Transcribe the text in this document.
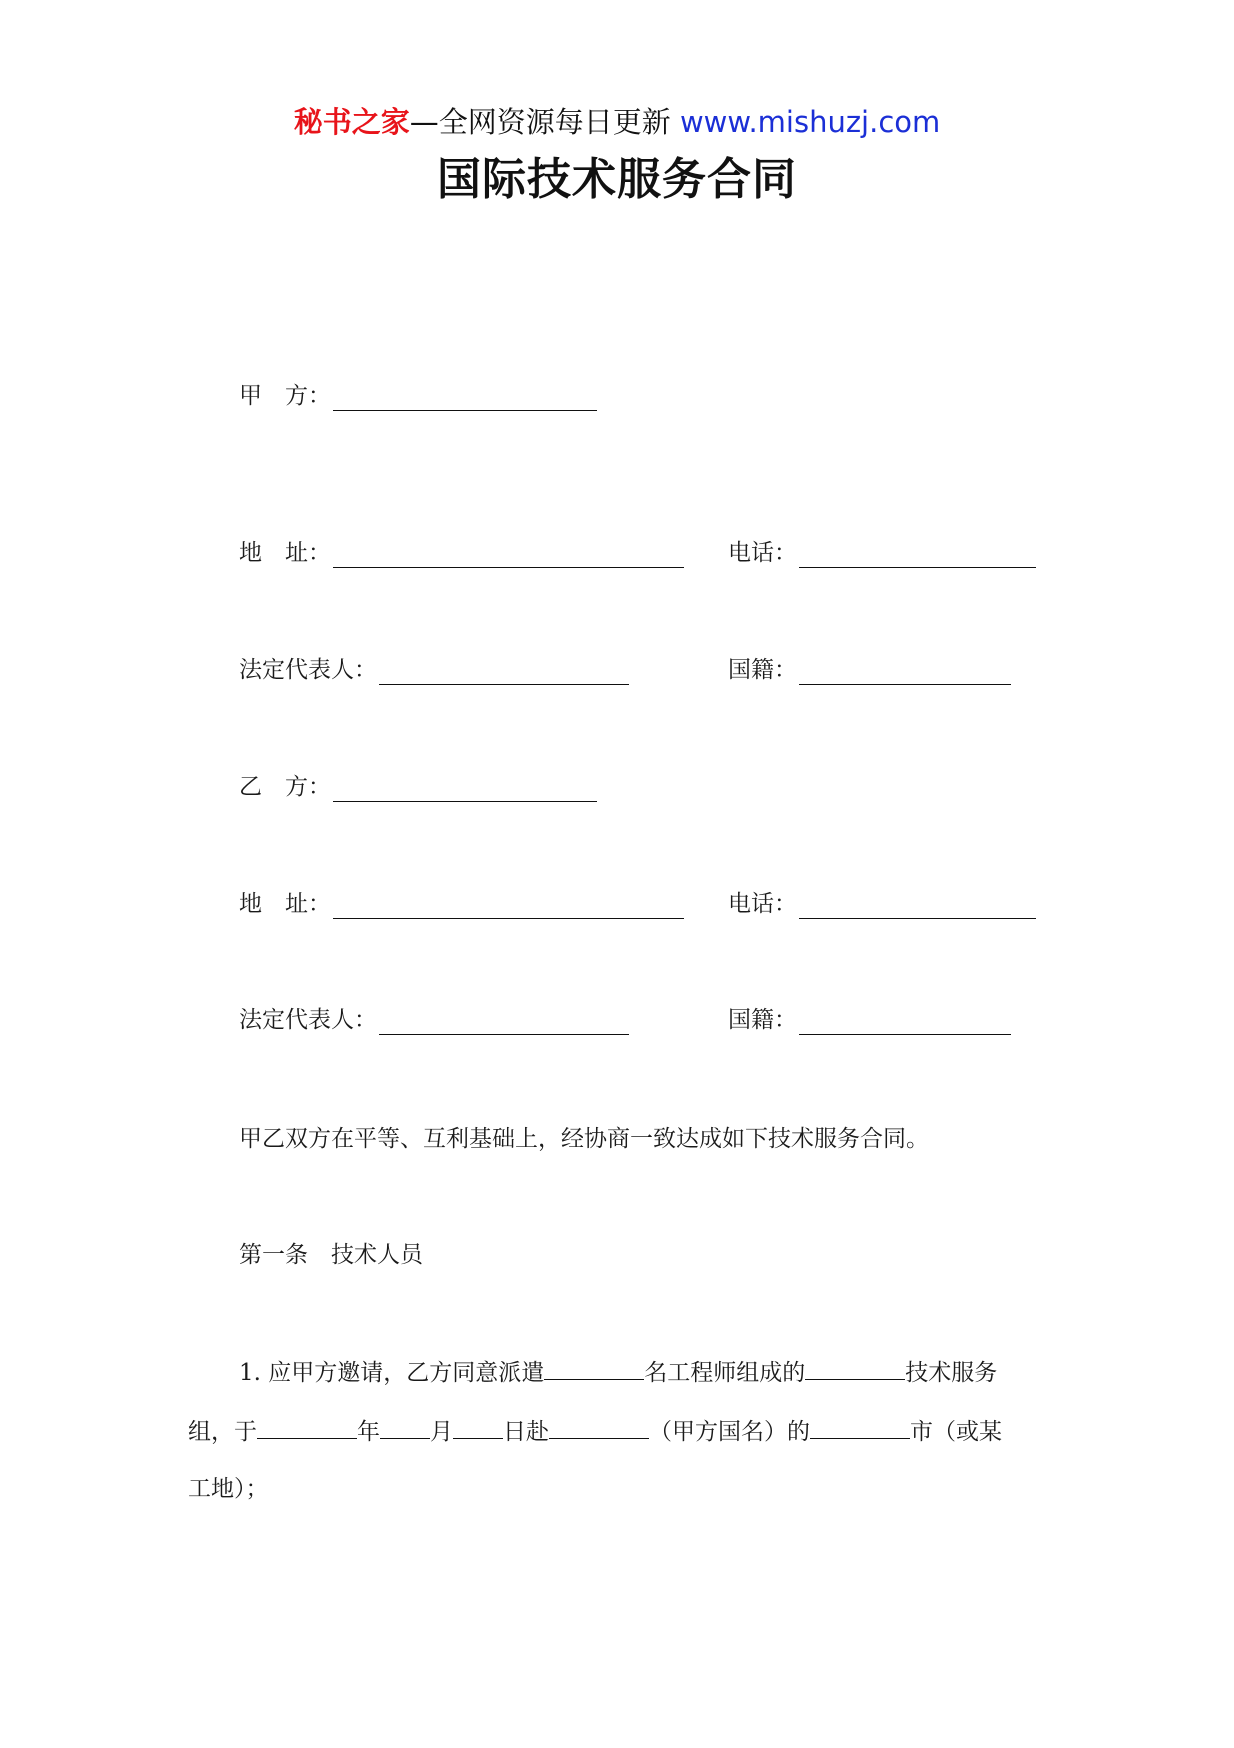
秘书之家—全网资源每日更新 www.mishuzj.com
国际技术服务合同
甲　方：
地　址：	电话：
法定代表人：	国籍：
乙　方：
地　址：	电话：
法定代表人：	国籍：
甲乙双方在平等、互利基础上，经协商一致达成如下技术服务合同。
第一条　技术人员
1. 应甲方邀请，乙方同意派遣	名工程师组成的	技术服务
组，于	年 月 日赴	（甲方国名）的	市（或某
工地）；
